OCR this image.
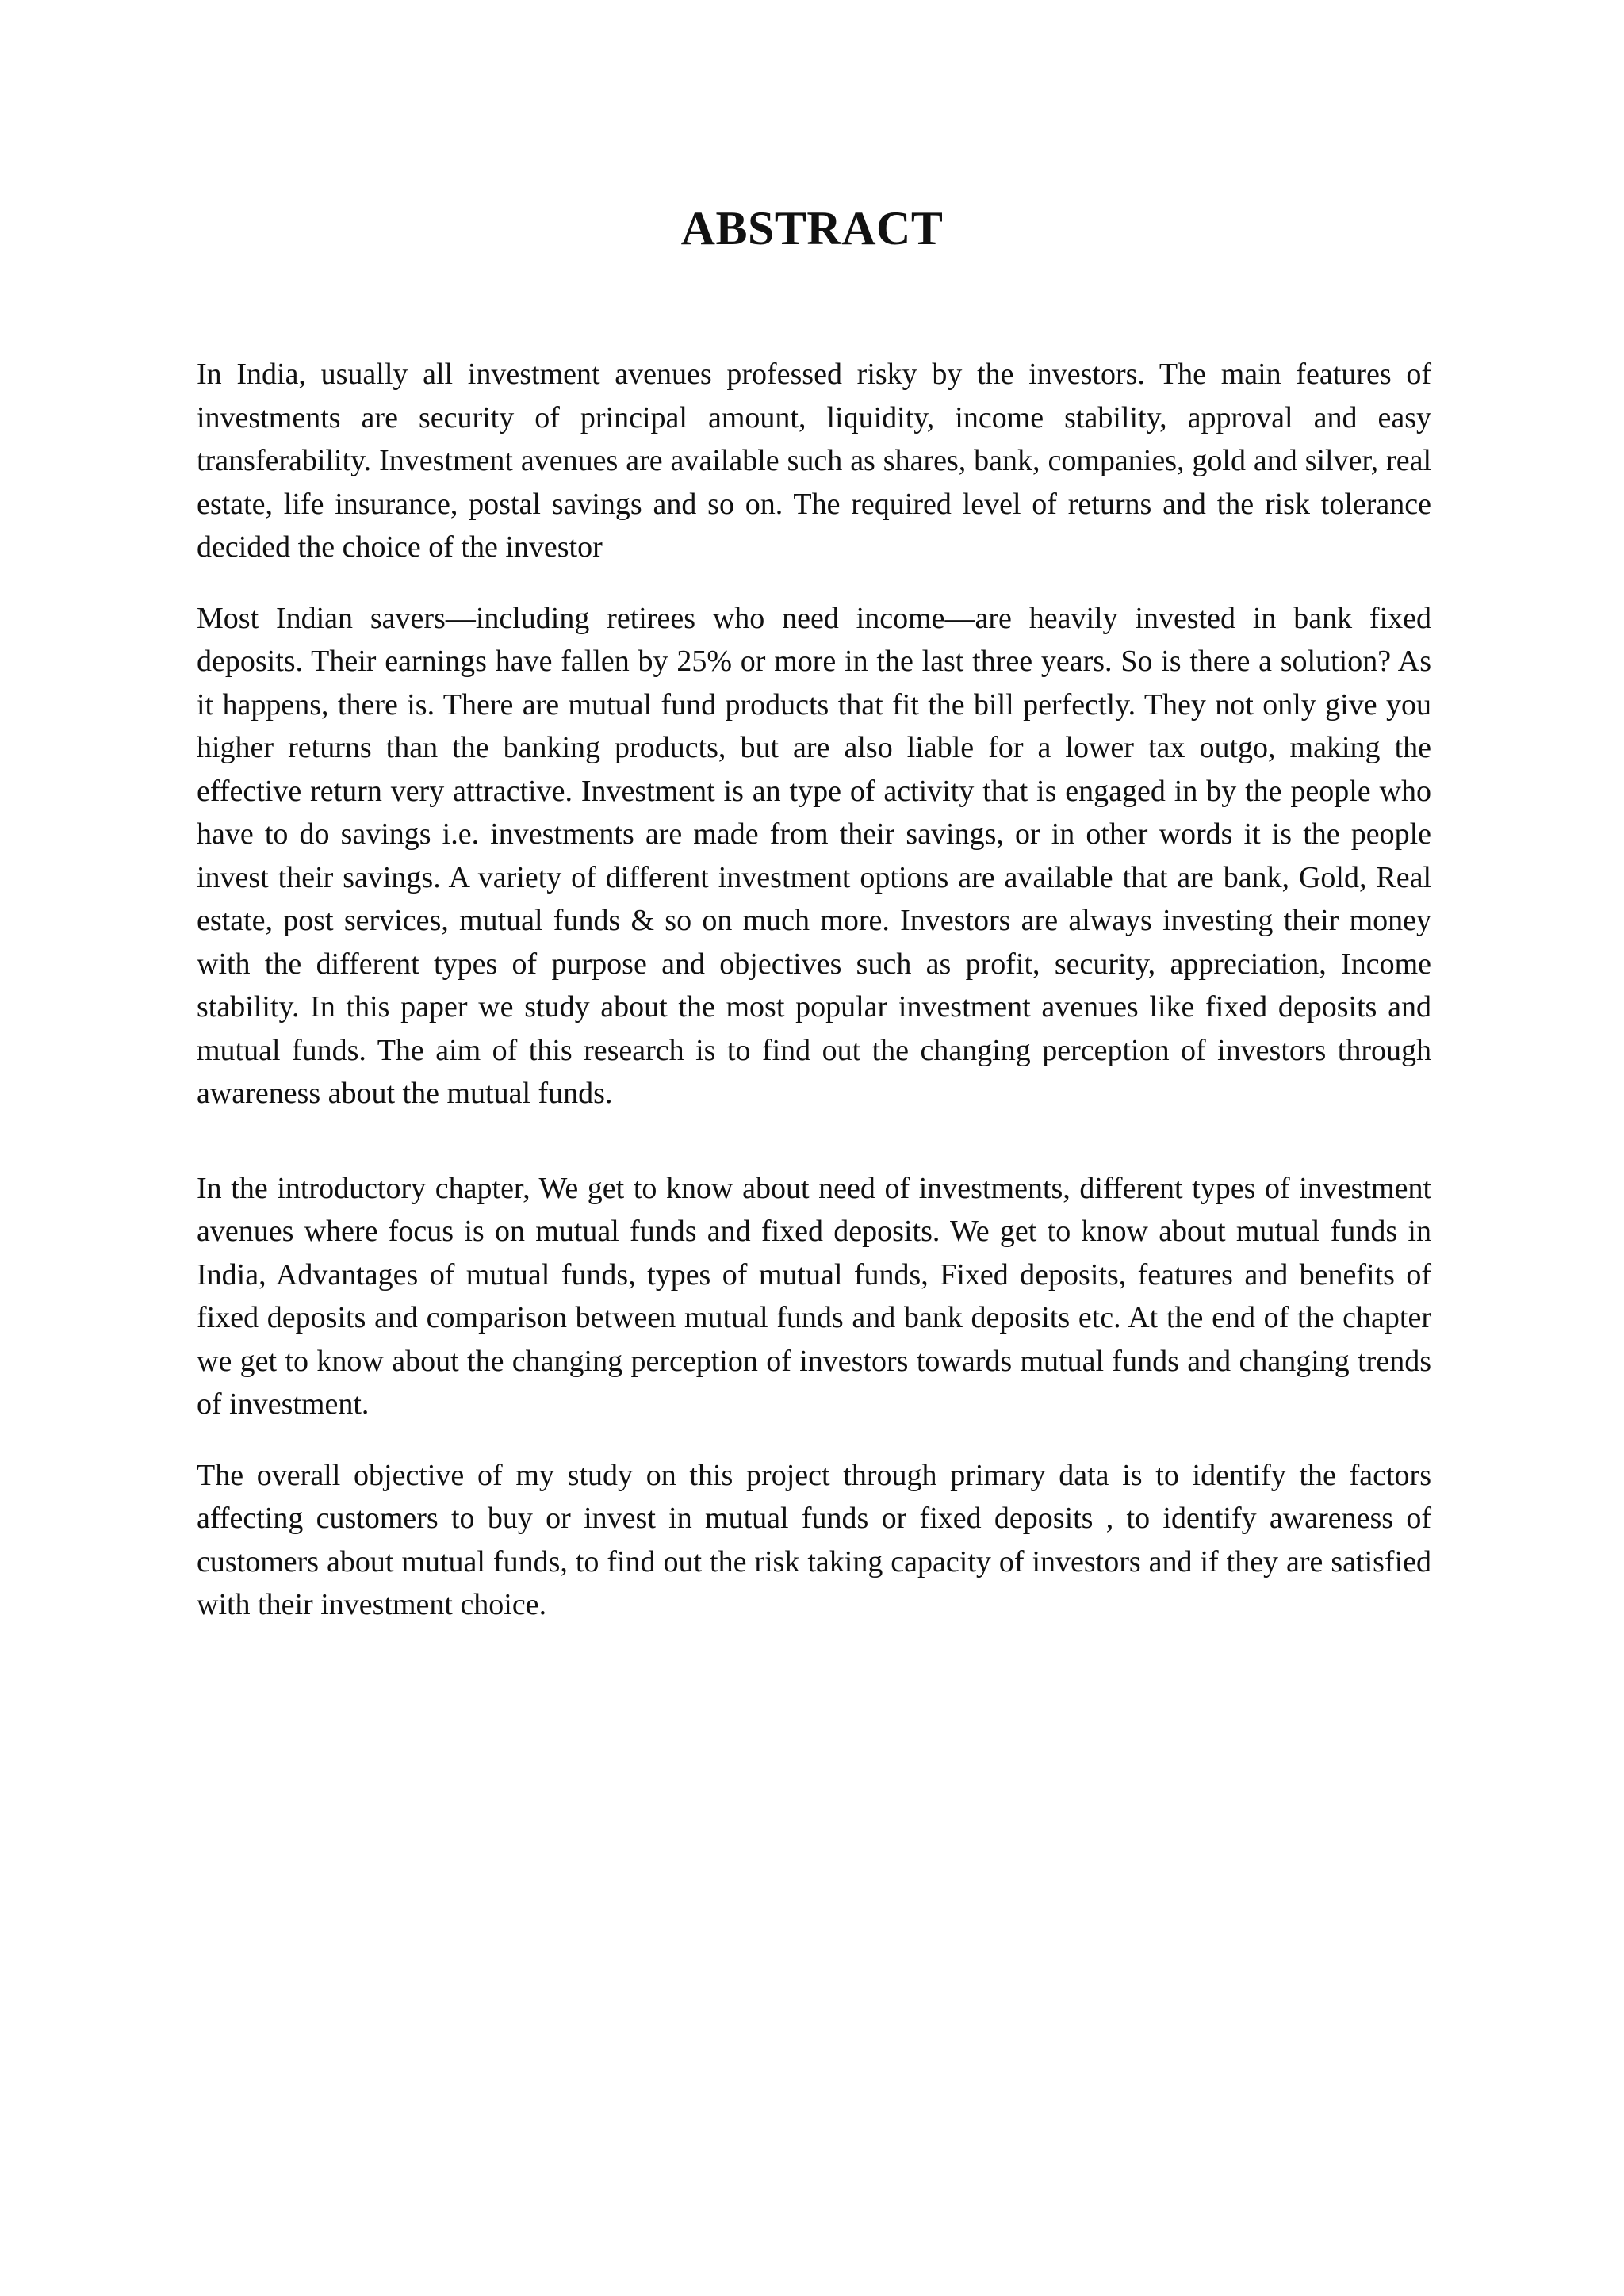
ABSTRACT

In India, usually all investment avenues professed risky by the investors. The main features of investments are security of principal amount, liquidity, income stability, approval and easy transferability. Investment avenues are available such as shares, bank, companies, gold and silver, real estate, life insurance, postal savings and so on. The required level of returns and the risk tolerance decided the choice of the investor

Most Indian savers—including retirees who need income—are heavily invested in bank fixed deposits. Their earnings have fallen by 25% or more in the last three years. So is there a solution? As it happens, there is. There are mutual fund products that fit the bill perfectly. They not only give you higher returns than the banking products, but are also liable for a lower tax outgo, making the effective return very attractive. Investment is an type of activity that is engaged in by the people who have to do savings i.e. investments are made from their savings, or in other words it is the people invest their savings. A variety of different investment options are available that are bank, Gold, Real estate, post services, mutual funds & so on much more. Investors are always investing their money with the different types of purpose and objectives such as profit, security, appreciation, Income stability. In this paper we study about the most popular investment avenues like fixed deposits and mutual funds. The aim of this research is to find out the changing perception of investors through awareness about the mutual funds.

In the introductory chapter, We get to know about need of investments, different types of investment avenues where focus is on mutual funds and fixed deposits. We get to know about mutual funds in India, Advantages of mutual funds, types of mutual funds, Fixed deposits, features and benefits of fixed deposits and comparison between mutual funds and bank deposits etc. At the end of the chapter we get to know about the changing perception of investors towards mutual funds and changing trends of investment.

The overall objective of my study on this project through primary data is to identify the factors affecting customers to buy or invest in mutual funds or fixed deposits , to identify awareness of customers about mutual funds, to find out the risk taking capacity of investors and if they are satisfied with their investment choice.
